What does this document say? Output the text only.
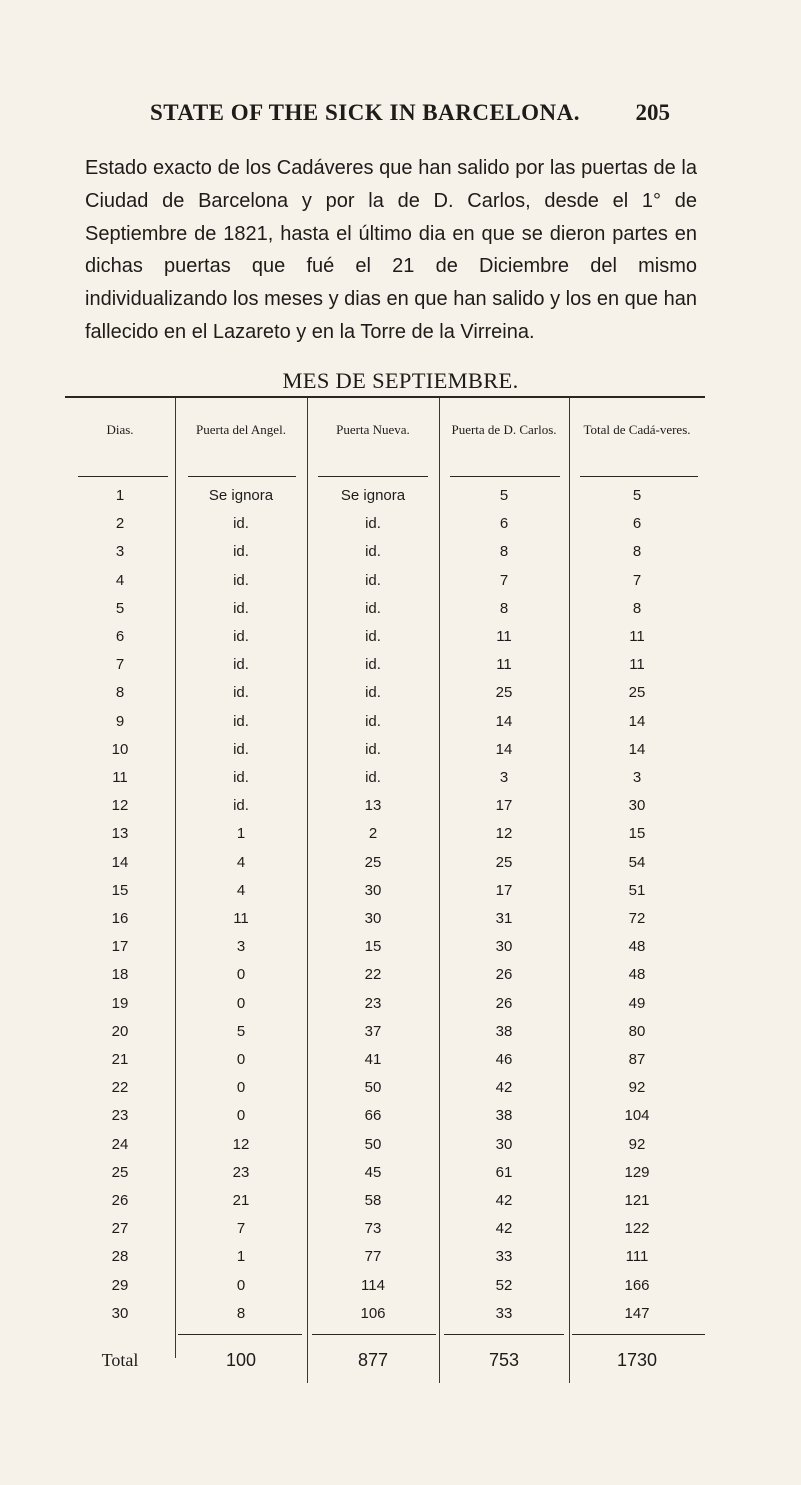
STATE OF THE SICK IN BARCELONA. 205

Estado exacto de los Cadáveres que han salido por las puertas de la Ciudad de Barcelona y por la de D. Carlos, desde el 1° de Septiembre de 1821, hasta el último dia en que se dieron partes en dichas puertas que fué el 21 de Diciembre del mismo individualizando los meses y dias en que han salido y los en que han fallecido en el Lazareto y en la Torre de la Virreina.

MES DE SEPTIEMBRE.
Dias.	Puerta del Angel.	Puerta Nueva.	Puerta de D. Carlos.	Total de Cadá-veres.
1	Se ignora	Se ignora	5	5
2	id.	id.	6	6
3	id.	id.	8	8
4	id.	id.	7	7
5	id.	id.	8	8
6	id.	id.	11	11
7	id.	id.	11	11
8	id.	id.	25	25
9	id.	id.	14	14
10	id.	id.	14	14
11	id.	id.	3	3
12	id.	13	17	30
13	1	2	12	15
14	4	25	25	54
15	4	30	17	51
16	11	30	31	72
17	3	15	30	48
18	0	22	26	48
19	0	23	26	49
20	5	37	38	80
21	0	41	46	87
22	0	50	42	92
23	0	66	38	104
24	12	50	30	92
25	23	45	61	129
26	21	58	42	121
27	7	73	42	122
28	1	77	33	111
29	0	114	52	166
30	8	106	33	147
Total	100	877	753	1730
